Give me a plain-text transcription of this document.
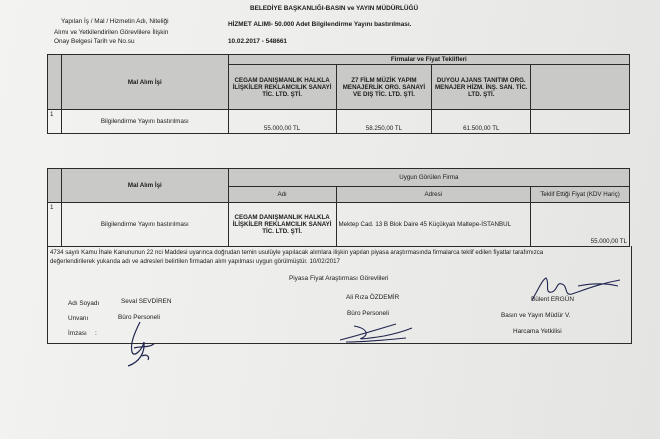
BELEDİYE BAŞKANLIĞI-BASIN ve YAYIN MÜDÜRLÜĞÜ
Yapılan İş / Mal / Hizmetin Adı, Niteliği
Alımı ve Yetkilendirilen Görevlilere İlişkin
Onay Belgesi Tarih ve No.su
HİZMET ALIMI- 50.000 Adet Bilgilendirme Yayını bastırılması.
10.02.2017 - 548661
	Mal Alım İşi	Firmalar ve Fiyat Teklifleri			
		CEGAM DANIŞMANLIK HALKLA İLİŞKİLER REKLAMCILIK SANAYİ TİC. LTD. ŞTİ.	Z7 FİLM MÜZİK YAPIM MENAJERLİK ORG. SANAYİ VE DIŞ TİC. LTD. ŞTİ.	DUYGU AJANS TANITIM ORG. MENAJER HİZM. İNŞ. SAN. TİC. LTD. ŞTİ.	
1	Bilgilendirme Yayını bastırılması	55.000,00 TL	58.250,00 TL	61.500,00 TL	
	Mal Alım İşi	Uygun Görülen Firma		
		Adı	Adresi	Teklif Ettiği Fiyat (KDV Hariç)
1	Bilgilendirme Yayını bastırılması	CEGAM DANIŞMANLIK HALKLA İLİŞKİLER REKLAMCILIK SANAYİ TİC. LTD. ŞTİ.	Mektep Cad. 13 B Blok Daire 45 Küçükyalı Maltepe-İSTANBUL	55.000,00 TL
4734 sayılı Kamu İhale Kanununun 22 nci Maddesi uyarınca doğrudan temin usulüyle yapılacak alımlara ilişkin yapılan piyasa araştırmasında firmalarca teklif edilen fiyatlar tarafımızca
değerlendirilerek yukarıda adı ve adresleri belirtilen firmadan alım yapılması uygun görülmüştür. 10/02/2017
Piyasa Fiyat Araştırması Görevlileri
Adı Soyadı
Unvanı
İmzası :
Seval SEVDİREN
Büro Personeli
Ali Rıza ÖZDEMİR
Büro Personeli
Bülent ERGÜN
Basın ve Yayın Müdür V.
Harcama Yetkilisi
